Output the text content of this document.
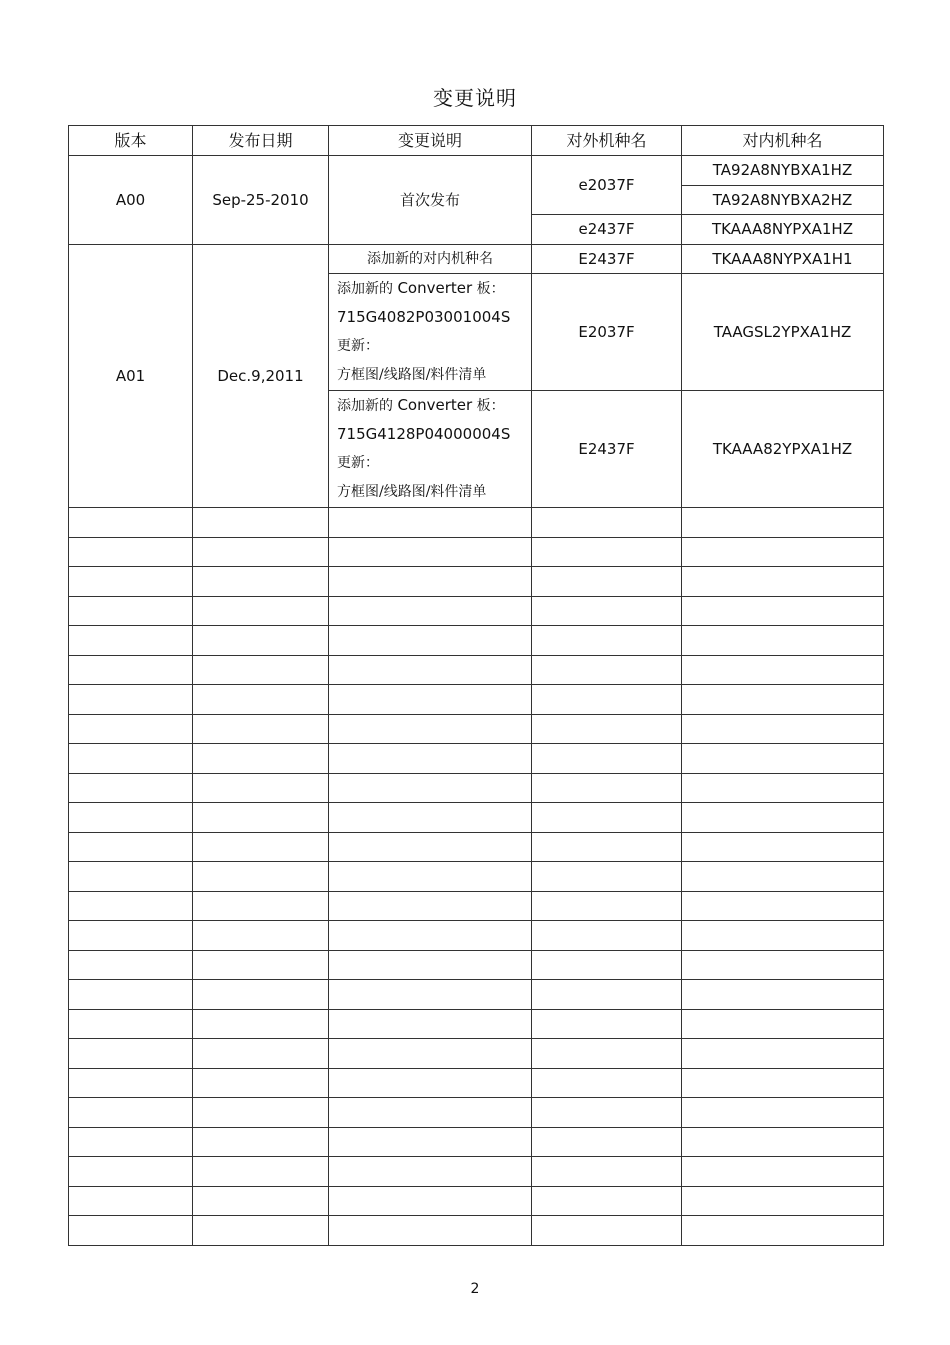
变更说明
版本	发布日期	变更说明	对外机种名	对内机种名
A00	Sep-25-2010	首次发布	e2037F	TA92A8NYBXA1HZ
				TA92A8NYBXA2HZ
			e2437F	TKAAA8NYPXA1HZ
A01	Dec.9,2011	添加新的对内机种名	E2437F	TKAAA8NYPXA1H1

		添加新的 Converter 板：
715G4082P03001004S
更新：
方框图/线路图/料件清单	E2037F	TAAGSL2YPXA1HZ

		添加新的 Converter 板：
715G4128P04000004S
更新：
方框图/线路图/料件清单	E2437F	TKAAA82YPXA1HZ

2
